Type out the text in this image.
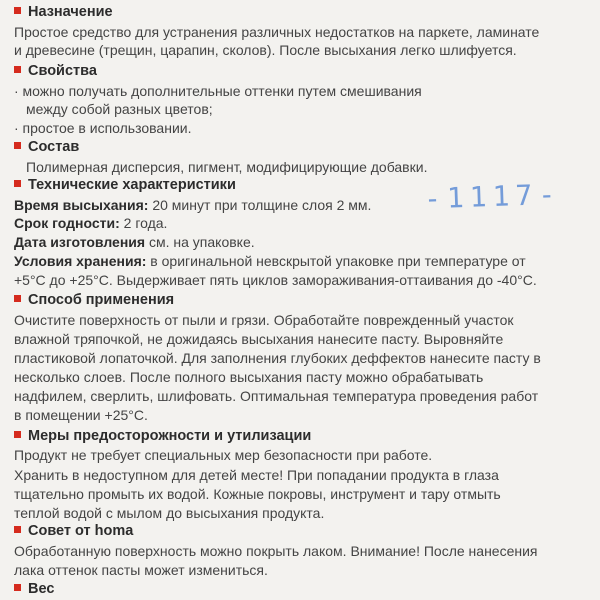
Назначение
Простое средство для устранения различных недостатков на паркете, ламинате
и древесине (трещин, царапин, сколов). После высыхания легко шлифуется.
Свойства
· можно получать дополнительные оттенки путем смешивания
между собой разных цветов;
· простое в использовании.
Состав
Полимерная дисперсия, пигмент, модифицирующие добавки.
Технические характеристики
Время высыхания: 20 минут при толщине слоя 2 мм.
Срок годности: 2 года.
Дата изготовления см. на упаковке.
Условия хранения: в оригинальной невскрытой упаковке при температуре от
+5°C до +25°C. Выдерживает пять циклов замораживания-оттаивания до -40°C.
-1117-
Способ применения
Очистите поверхность от пыли и грязи. Обработайте поврежденный участок
влажной тряпочкой, не дожидаясь высыхания нанесите пасту. Выровняйте
пластиковой лопаточкой. Для заполнения глубоких деффектов нанесите пасту в
несколько слоев. После полного высыхания пасту можно обрабатывать
надфилем, сверлить, шлифовать. Оптимальная температура проведения работ
в помещении +25°C.
Меры предосторожности и утилизации
Продукт не требует специальных мер безопасности при работе.
Хранить в недоступном для детей месте! При попадании продукта в глаза
тщательно промыть их водой. Кожные покровы, инструмент и тару отмыть
теплой водой с мылом до высыхания продукта.
Совет от homa
Обработанную поверхность можно покрыть лаком. Внимание! После нанесения
лака оттенок пасты может измениться.
Вес
